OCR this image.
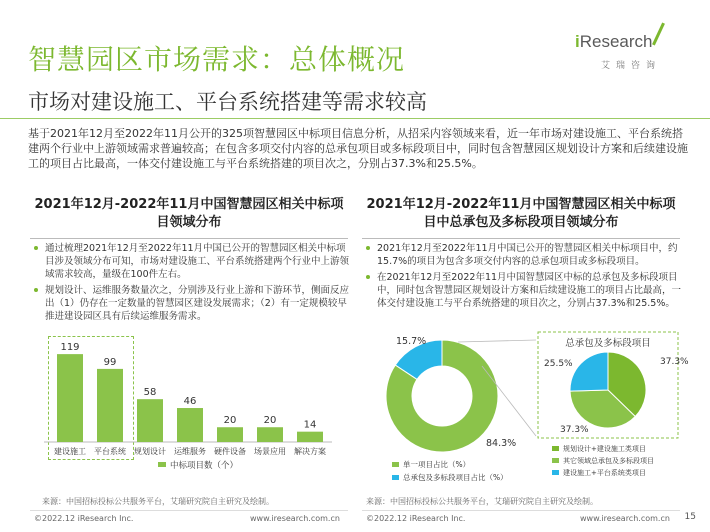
智慧园区市场需求：总体概况
市场对建设施工、平台系统搭建等需求较高
iResearch
艾瑞咨询
基于2021年12月至2022年11月公开的325项智慧园区中标项目信息分析，从招采内容领域来看，近一年市场对建设施工、平台系统搭建两个行业中上游领域需求普遍较高；在包含多项交付内容的总承包项目或多标段项目中，同时包含智慧园区规划设计方案和后续建设施工的项目占比最高，一体交付建设施工与平台系统搭建的项目次之，分别占37.3%和25.5%。
2021年12月-2022年11月中国智慧园区相关中标项目领域分布
通过梳理2021年12月至2022年11月中国已公开的智慧园区相关中标项目涉及领域分布可知，市场对建设施工、平台系统搭建两个行业中上游领域需求较高，量级在100件左右。
规划设计、运维服务数量次之，分别涉及行业上游和下游环节，侧面反应出（1）仍存在一定数量的智慧园区建设发展需求；（2）有一定规模较早推进建设园区具有后续运维服务需求。
119
建设施工
99
平台系统
58
规划设计
46
运维服务
20
硬件设备
20
场景应用
14
解决方案
中标项目数（个）
2021年12月-2022年11月中国智慧园区相关中标项目中总承包及多标段项目领域分布
2021年12月至2022年11月中国已公开的智慧园区相关中标项目中，约15.7%的项目为包含多项交付内容的总承包项目或多标段项目。
在2021年12月至2022年11月中国智慧园区中标的总承包及多标段项目中，同时包含智慧园区规划设计方案和后续建设施工的项目占比最高，一体交付建设施工与平台系统搭建的项目次之，分别占37.3%和25.5%。
15.7%
84.3%
单一项目占比（%）
总承包及多标段项目占比（%）
总承包及多标段项目
37.3%
37.3%
25.5%
规划设计+建设施工类项目
其它领域总承包及多标段项目
建设施工+平台系统类项目
来源：中国招标投标公共服务平台，艾瑞研究院自主研究及绘制。	来源：中国招标投标公共服务平台，艾瑞研究院自主研究及绘制。
©2022.12 iResearch Inc.	www.iresearch.com.cn	©2022.12 iResearch Inc.	www.iresearch.com.cn 15
